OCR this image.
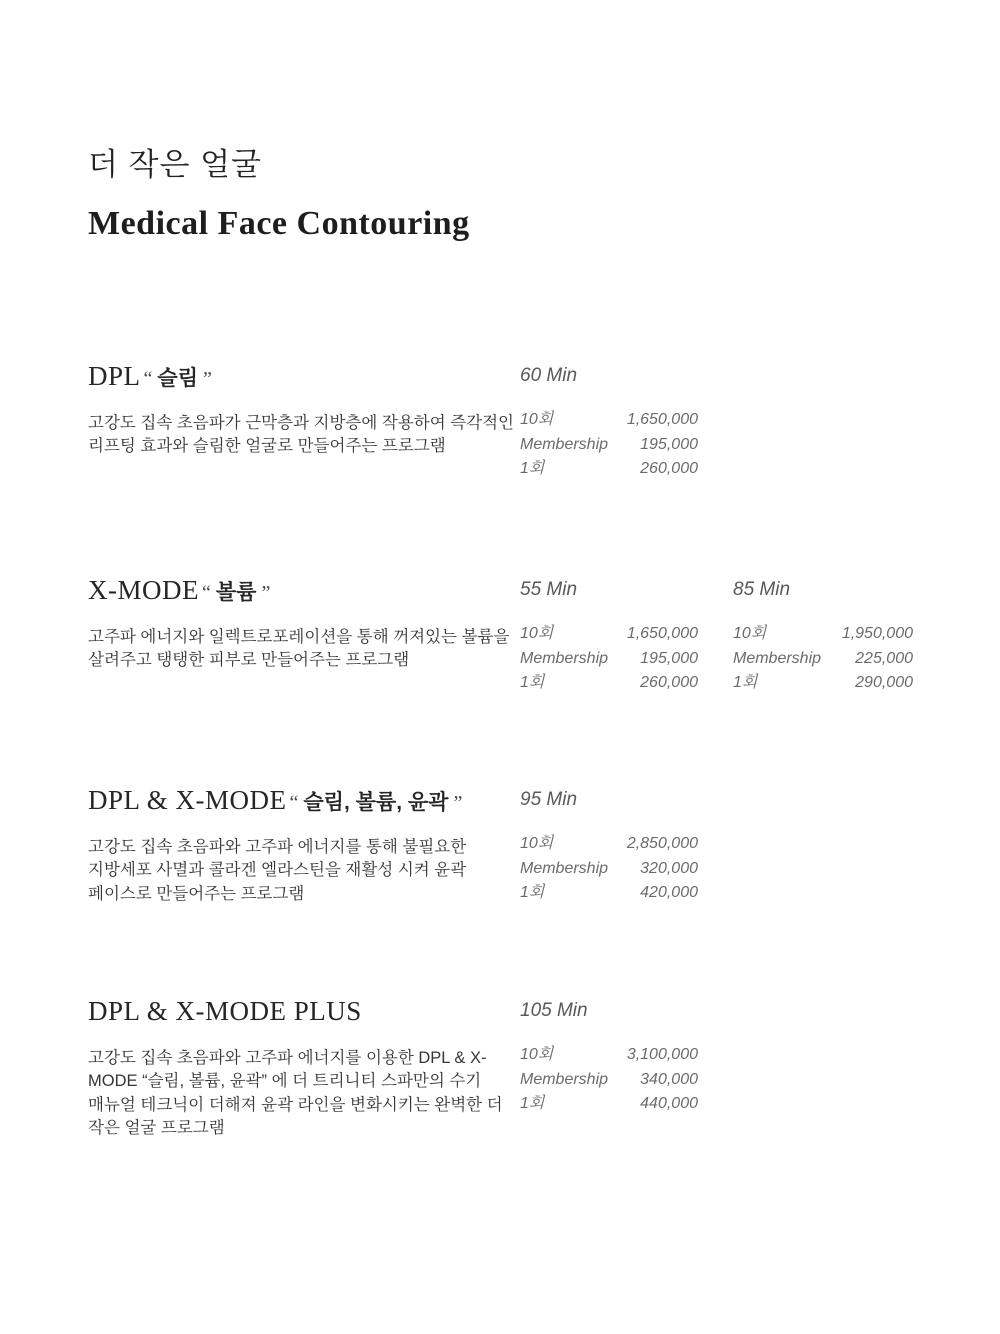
더 작은 얼굴
Medical Face Contouring
DPL “ 슬림 ”

고강도 집속 초음파가 근막층과 지방층에 작용하여 즉각적인 리프팅 효과와 슬림한 얼굴로 만들어주는 프로그램

60 Min
10회	1,650,000
Membership 195,000
1회	260,000
X-MODE “ 볼륨 ”

고주파 에너지와 일렉트로포레이션을 통해 꺼져있는 볼륨을 살려주고 탱탱한 피부로 만들어주는 프로그램

55 Min
10회	1,650,000
Membership 195,000
1회	260,000
85 Min
10회	1,950,000
Membership 225,000
1회	290,000
DPL & X-MODE “ 슬림, 볼륨, 윤곽 ”

고강도 집속 초음파와 고주파 에너지를 통해 불필요한 지방세포 사멸과 콜라겐 엘라스틴을 재활성 시켜 윤곽 페이스로 만들어주는 프로그램

95 Min
10회	2,850,000
Membership 320,000
1회	420,000
DPL & X-MODE PLUS

고강도 집속 초음파와 고주파 에너지를 이용한 DPL & X-MODE “슬림, 볼륨, 윤곽” 에 더 트리니티 스파만의 수기 매뉴얼 테크닉이 더해져 윤곽 라인을 변화시키는 완벽한 더 작은 얼굴 프로그램

105 Min
10회	3,100,000
Membership 340,000
1회	440,000
